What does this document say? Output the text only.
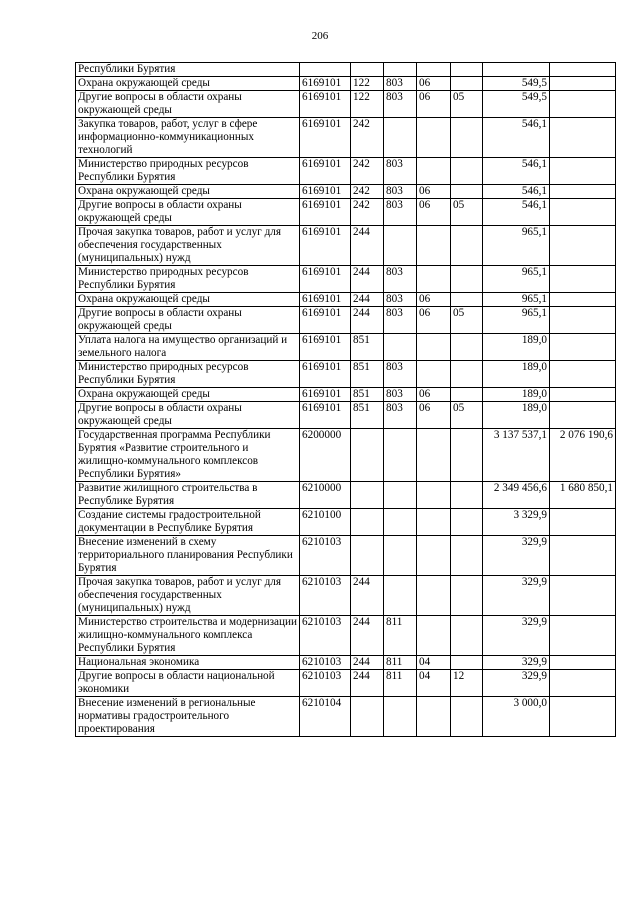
206
Республики Бурятия							
Охрана окружающей среды	6169101	122	803	06		549,5	
Другие вопросы в области охраны окружающей среды	6169101	122	803	06	05	549,5	
Закупка товаров, работ, услуг в сфере информационно-коммуникационных технологий	6169101	242				546,1	
Министерство природных ресурсов Республики Бурятия	6169101	242	803			546,1	
Охрана окружающей среды	6169101	242	803	06		546,1	
Другие вопросы в области охраны окружающей среды	6169101	242	803	06	05	546,1	
Прочая закупка товаров, работ и услуг для обеспечения государственных (муниципальных) нужд	6169101	244				965,1	
Министерство природных ресурсов Республики Бурятия	6169101	244	803			965,1	
Охрана окружающей среды	6169101	244	803	06		965,1	
Другие вопросы в области охраны окружающей среды	6169101	244	803	06	05	965,1	
Уплата налога на имущество организаций и земельного налога	6169101	851				189,0	
Министерство природных ресурсов Республики Бурятия	6169101	851	803			189,0	
Охрана окружающей среды	6169101	851	803	06		189,0	
Другие вопросы в области охраны окружающей среды	6169101	851	803	06	05	189,0	
Государственная программа Республики Бурятия «Развитие строительного и жилищно-коммунального комплексов Республики Бурятия»	6200000					3 137 537,1	2 076 190,6
Развитие жилищного строительства в Республике Бурятия	6210000					2 349 456,6	1 680 850,1
Создание системы градостроительной документации в Республике Бурятия	6210100					3 329,9	
Внесение изменений в схему территориального планирования Республики Бурятия	6210103					329,9	
Прочая закупка товаров, работ и услуг для обеспечения государственных (муниципальных) нужд	6210103	244				329,9	
Министерство строительства и модернизации жилищно-коммунального комплекса Республики Бурятия	6210103	244	811			329,9	
Национальная экономика	6210103	244	811	04		329,9	
Другие вопросы в области национальной экономики	6210103	244	811	04	12	329,9	
Внесение изменений в региональные нормативы градостроительного проектирования	6210104					3 000,0	
